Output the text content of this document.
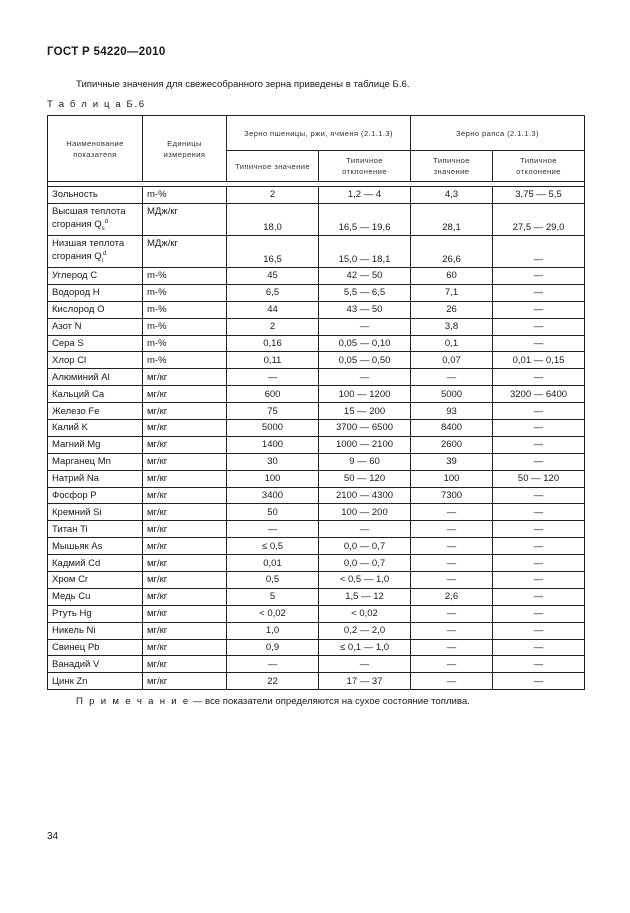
ГОСТ Р 54220—2010
Типичные значения для свежесобранного зерна приведены в таблице Б.6.
Т а б л и ц а Б.6
Наименование показателя	Единицы измерения	Зерно пшеницы, ржи, ячменя (2.1.1.3)		Зерно рапса (2.1.1.3)	
		Типичное значение	Типичное отклонение	Типичное значение	Типичное отклонение

Зольность	m-%	2	1,2 — 4	4,3	3,75 — 5,5
Высшая теплота сгорания $Q_s^d$	МДж/кг	18,0	16,5 — 19,6	28,1	27,5 — 29,0
Низшая теплота сгорания $Q_i^d$	МДж/кг	16,5	15,0 — 18,1	26,6	—
Углерод C	m-%	45	42 — 50	60	—
Водород H	m-%	6,5	5,5 — 6,5	7,1	—
Кислород O	m-%	44	43 — 50	26	—
Азот N	m-%	2	—	3,8	—
Сера S	m-%	0,16	0,05 — 0,10	0,1	—
Хлор Cl	m-%	0,11	0,05 — 0,50	0,07	0,01 — 0,15
Алюминий Al	мг/кг	—	—	—	—
Кальций Ca	мг/кг	600	100 — 1200	5000	3200 — 6400
Железо Fe	мг/кг	75	15 — 200	93	—
Калий K	мг/кг	5000	3700 — 6500	8400	—
Магний Mg	мг/кг	1400	1000 — 2100	2600	—
Марганец Mn	мг/кг	30	9 — 60	39	—
Натрий Na	мг/кг	100	50 — 120	100	50 — 120
Фосфор P	мг/кг	3400	2100 — 4300	7300	—
Кремний Si	мг/кг	50	100 — 200	—	—
Титан Ti	мг/кг	—	—	—	—
Мышьяк As	мг/кг	≤ 0,5	0,0 — 0,7	—	—
Кадмий Cd	мг/кг	0,01	0,0 — 0,7	—	—
Хром Cr	мг/кг	0,5	< 0,5 — 1,0	—	—
Медь Cu	мг/кг	5	1,5 — 12	2,6	—
Ртуть Hg	мг/кг	< 0,02	< 0,02	—	—
Никель Ni	мг/кг	1,0	0,2 — 2,0	—	—
Свинец Pb	мг/кг	0,9	≤ 0,1 — 1,0	—	—
Ванадий V	мг/кг	—	—	—	—
Цинк Zn	мг/кг	22	17 — 37	—	—
П р и м е ч а н и е — все показатели определяются на сухое состояние топлива.
34
